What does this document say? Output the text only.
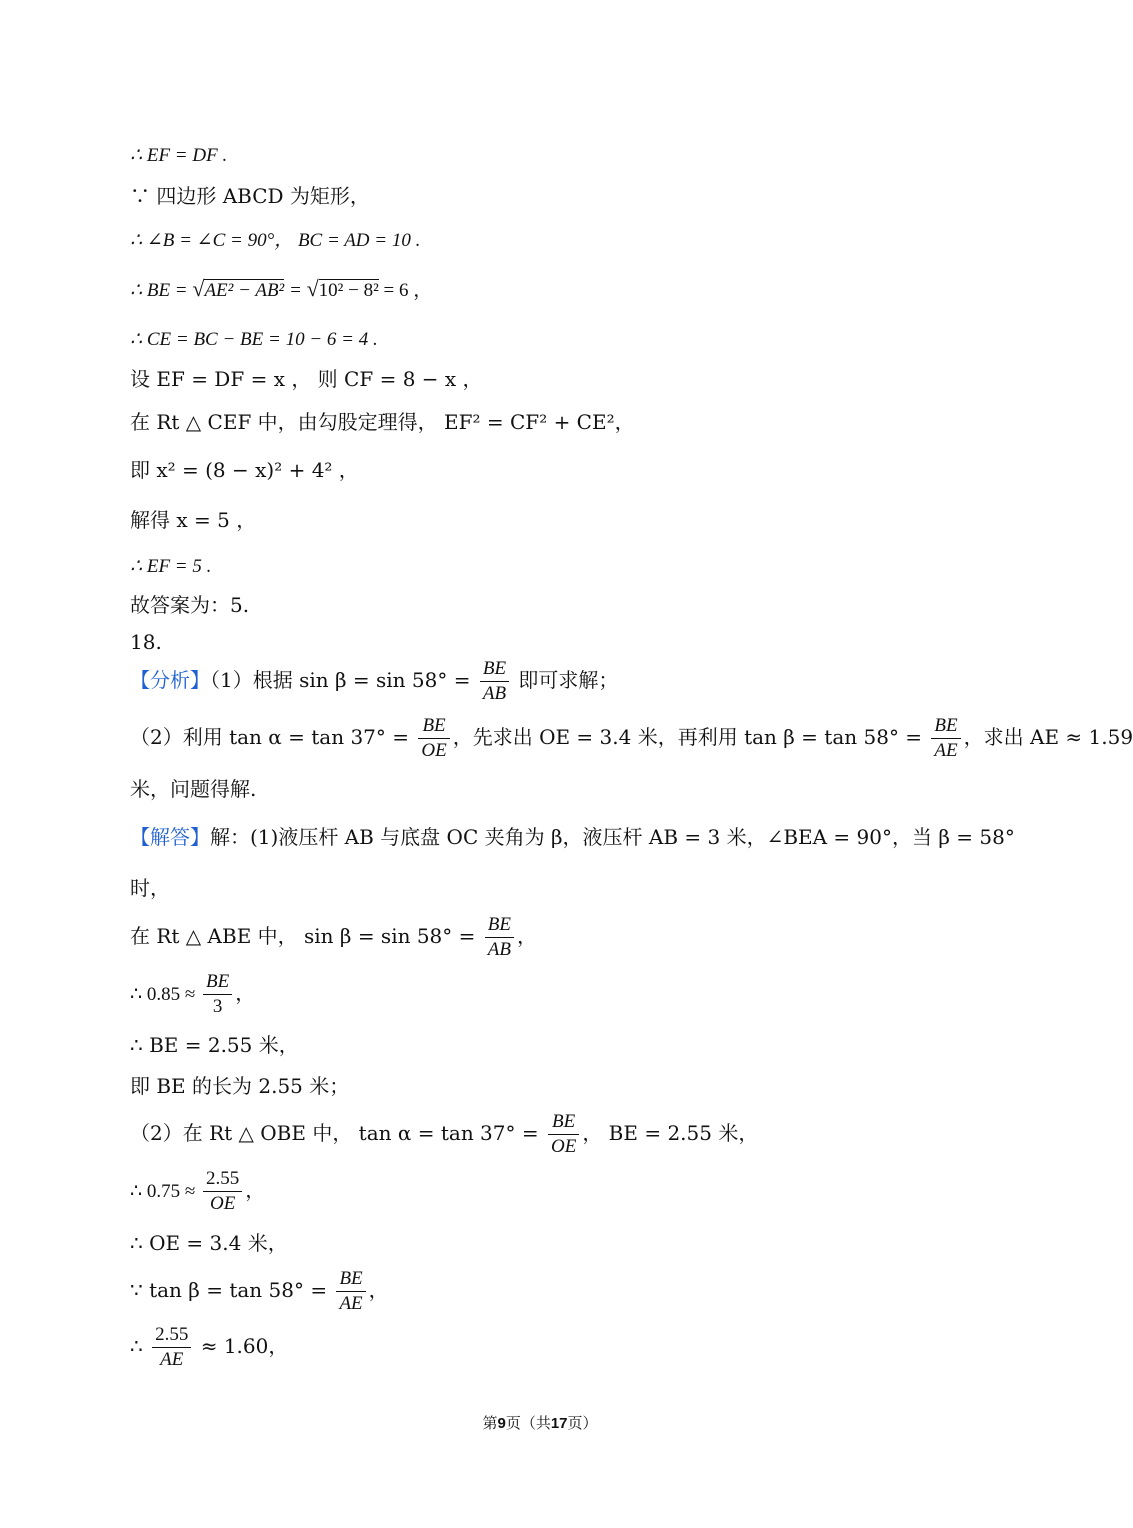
∴ EF = DF .
∵ 四边形 ABCD 为矩形，
∴ ∠B = ∠C = 90°， BC = AD = 10 .
∴ BE = √AE² − AB² = √10² − 8² = 6 ，
∴ CE = BC − BE = 10 − 6 = 4 .
设 EF = DF = x ， 则 CF = 8 − x ，
在 Rt △ CEF 中，由勾股定理得， EF² = CF² + CE²，
即 x² = (8 − x)² + 4² ，
解得 x = 5 ，
∴ EF = 5 .
故答案为：5.
18.
【分析】（1）根据 $\sin \beta = \sin 58^\circ = \frac{BE}{AB}$ 即可求解；
（2）利用 $\tan \alpha = \tan 37^\circ = \frac{BE}{OE}$ ，先求出 OE = 3.4 米，再利用 $\tan \beta = \tan 58^\circ = \frac{BE}{AE}$ ，求出 AE ≈ 1.59
米，问题得解.
【解答】解：(1)液压杆 AB 与底盘 OC 夹角为 β，液压杆 AB = 3 米，∠BEA = 90°，当 β = 58°
时，
在 Rt △ ABE 中， $\sin \beta = \sin 58^\circ = \frac{BE}{AB}$ ，
∴ $0.85 \approx \frac{BE}{3}$ ，
∴ BE = 2.55 米，
即 BE 的长为 2.55 米；
（2）在 Rt △ OBE 中， $\tan \alpha = \tan 37^\circ = \frac{BE}{OE}$ ， BE = 2.55 米，
∴ $0.75 \approx \frac{2.55}{OE}$ ，
∴ OE = 3.4 米，
∵ $\tan \beta = \tan 58^\circ = \frac{BE}{AE}$ ，
∴ $\frac{2.55}{AE} \approx 1.60$，
第9页（共17页）
